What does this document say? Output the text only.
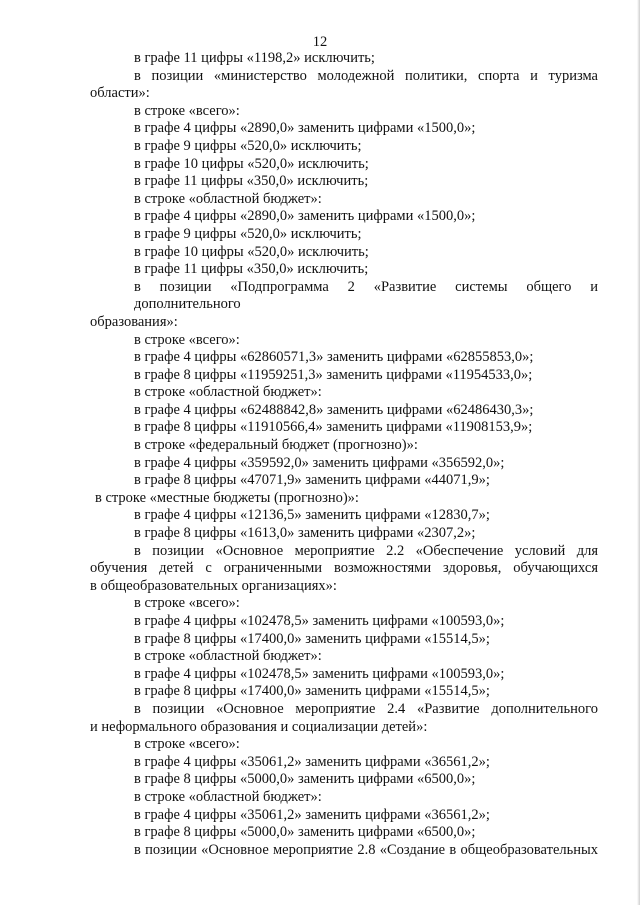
12

в графе 11 цифры «1198,2» исключить;

в позиции «министерство молодежной политики, спорта и туризма

области»:

в строке «всего»:

в графе 4 цифры «2890,0» заменить цифрами «1500,0»;

в графе 9 цифры «520,0» исключить;

в графе 10 цифры «520,0» исключить;

в графе 11 цифры «350,0» исключить;

в строке «областной бюджет»:

в графе 4 цифры «2890,0» заменить цифрами «1500,0»;

в графе 9 цифры «520,0» исключить;

в графе 10 цифры «520,0» исключить;

в графе 11 цифры «350,0» исключить;

в позиции «Подпрограмма 2 «Развитие системы общего и дополнительного

образования»:

в строке «всего»:

в графе 4 цифры «62860571,3» заменить цифрами «62855853,0»;

в графе 8 цифры «11959251,3» заменить цифрами «11954533,0»;

в строке «областной бюджет»:

в графе 4 цифры «62488842,8» заменить цифрами «62486430,3»;

в графе 8 цифры «11910566,4» заменить цифрами «11908153,9»;

в строке «федеральный бюджет (прогнозно)»:

в графе 4 цифры «359592,0» заменить цифрами «356592,0»;

в графе 8 цифры «47071,9» заменить цифрами «44071,9»;

в строке «местные бюджеты (прогнозно)»:

в графе 4 цифры «12136,5» заменить цифрами «12830,7»;

в графе 8 цифры «1613,0» заменить цифрами «2307,2»;

в позиции «Основное мероприятие 2.2 «Обеспечение условий для

обучения детей с ограниченными возможностями здоровья, обучающихся

в общеобразовательных организациях»:

в строке «всего»:

в графе 4 цифры «102478,5» заменить цифрами «100593,0»;

в графе 8 цифры «17400,0» заменить цифрами «15514,5»;

в строке «областной бюджет»:

в графе 4 цифры «102478,5» заменить цифрами «100593,0»;

в графе 8 цифры «17400,0» заменить цифрами «15514,5»;

в позиции «Основное мероприятие 2.4 «Развитие дополнительного

и неформального образования и социализации детей»:

в строке «всего»:

в графе 4 цифры «35061,2» заменить цифрами «36561,2»;

в графе 8 цифры «5000,0» заменить цифрами «6500,0»;

в строке «областной бюджет»:

в графе 4 цифры «35061,2» заменить цифрами «36561,2»;

в графе 8 цифры «5000,0» заменить цифрами «6500,0»;

в позиции «Основное мероприятие 2.8 «Создание в общеобразовательных
